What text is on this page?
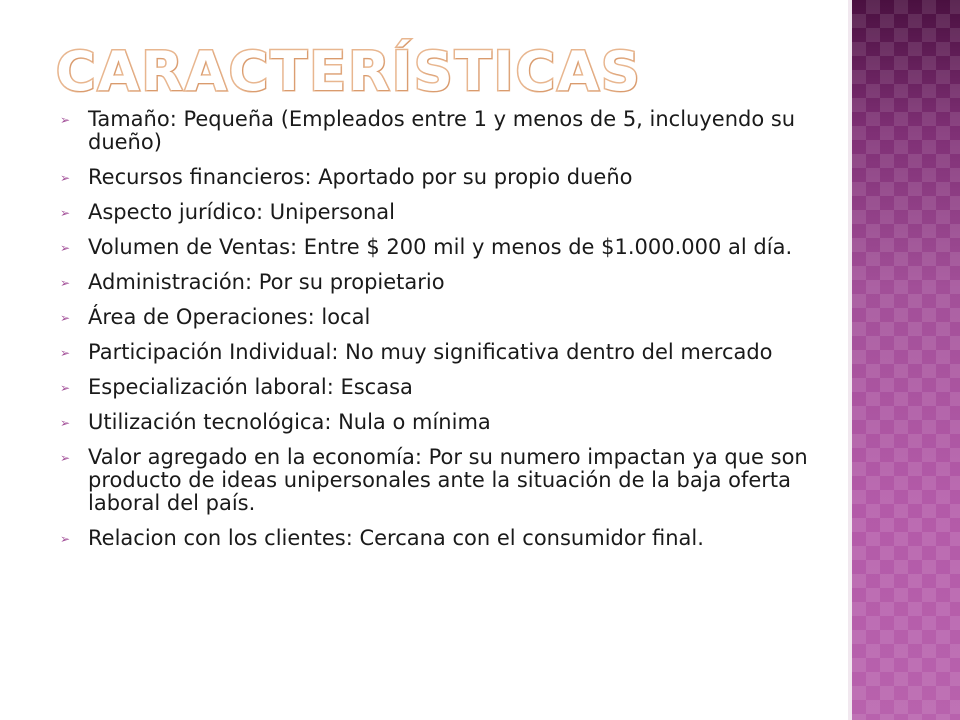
CARACTERÍSTICAS
➢ Tamaño: Pequeña (Empleados entre 1 y menos de 5, incluyendo su dueño)
➢ Recursos financieros: Aportado por su propio dueño
➢ Aspecto jurídico: Unipersonal
➢ Volumen de Ventas: Entre $ 200 mil y menos de $1.000.000 al día.
➢ Administración: Por su propietario
➢ Área de Operaciones: local
➢ Participación Individual: No muy significativa dentro del mercado
➢ Especialización laboral: Escasa
➢ Utilización tecnológica: Nula o mínima
➢ Valor agregado en la economía: Por su numero impactan ya que son producto de ideas unipersonales ante la situación de la baja oferta laboral del país.
➢ Relacion con los clientes: Cercana con el consumidor final.
